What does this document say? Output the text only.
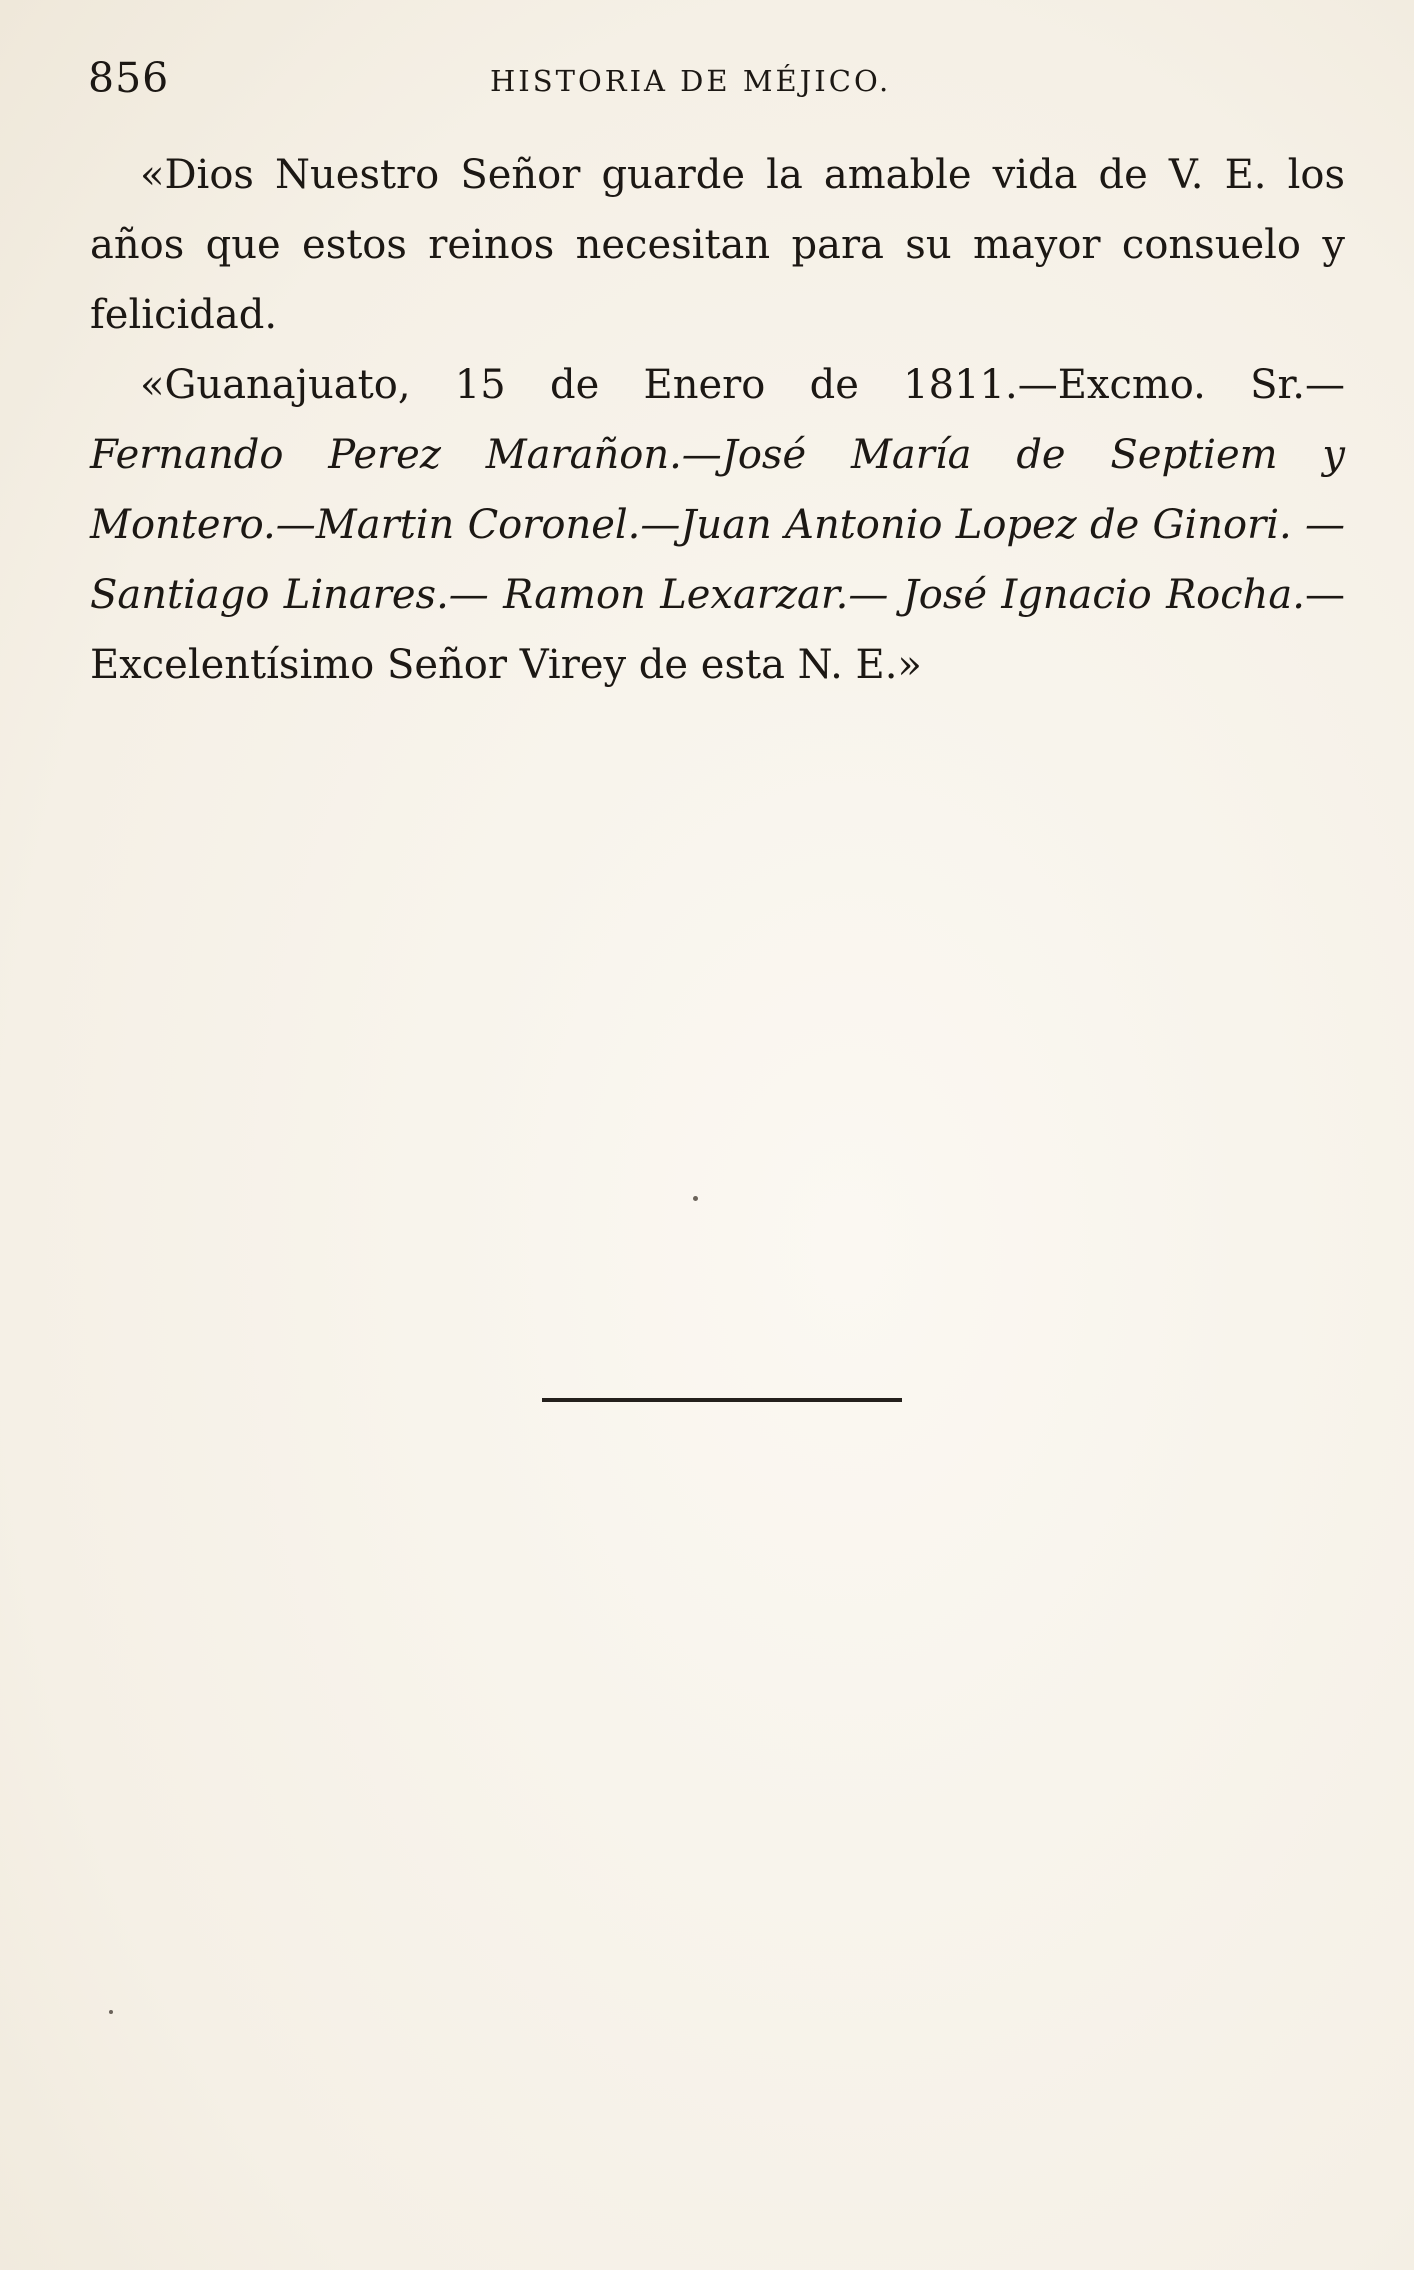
856	HISTORIA DE MÉJICO.

«Dios Nuestro Señor guarde la amable vida de V. E. los años que estos reinos necesitan para su mayor consuelo y felicidad.

«Guanajuato, 15 de Enero de 1811.—Excmo. Sr.— Fernando Perez Marañon.—José María de Septiem y Montero.—Martin Coronel.—Juan Antonio Lopez de Ginori. — Santiago Linares.— Ramon Lexarzar.— José Ignacio Rocha.—Excelentísimo Señor Virey de esta N. E.»
